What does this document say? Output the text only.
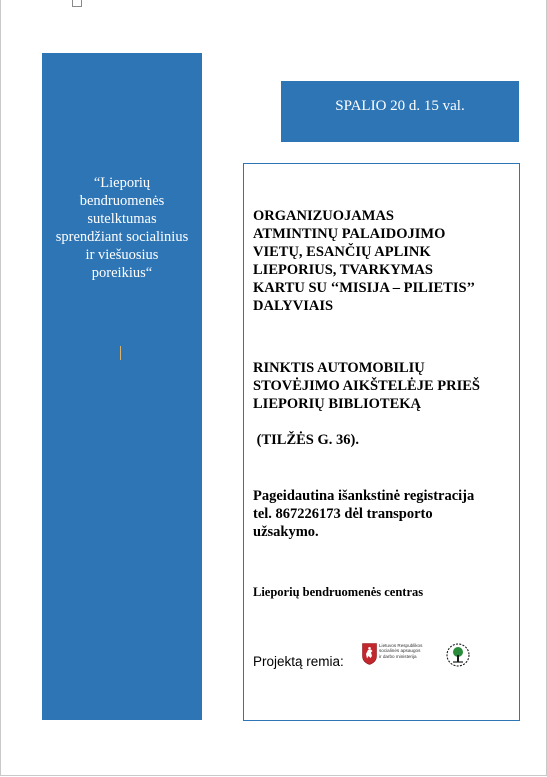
“Lieporių
bendruomenės
sutelktumas
sprendžiant socialinius
ir viešuosius
poreikius“
SPALIO 20 d. 15 val.
ORGANIZUOJAMAS
ATMINTINŲ PALAIDOJIMO
VIETŲ, ESANČIŲ APLINK
LIEPORIUS, TVARKYMAS
KARTU SU ‘‘MISIJA – PILIETIS’’
DALYVIAIS
RINKTIS AUTOMOBILIŲ
STOVĖJIMO AIKŠTELĖJE PRIEŠ
LIEPORIŲ BIBLIOTEKĄ
(TILŽĖS G. 36).
Pageidautina išankstinė registracija
tel. 867226173 dėl transporto
užsakymo.
Lieporių bendruomenės centras
Projektą remia:
Lietuvos Respublikos
socialinės apsaugos
ir darbo ministerija
